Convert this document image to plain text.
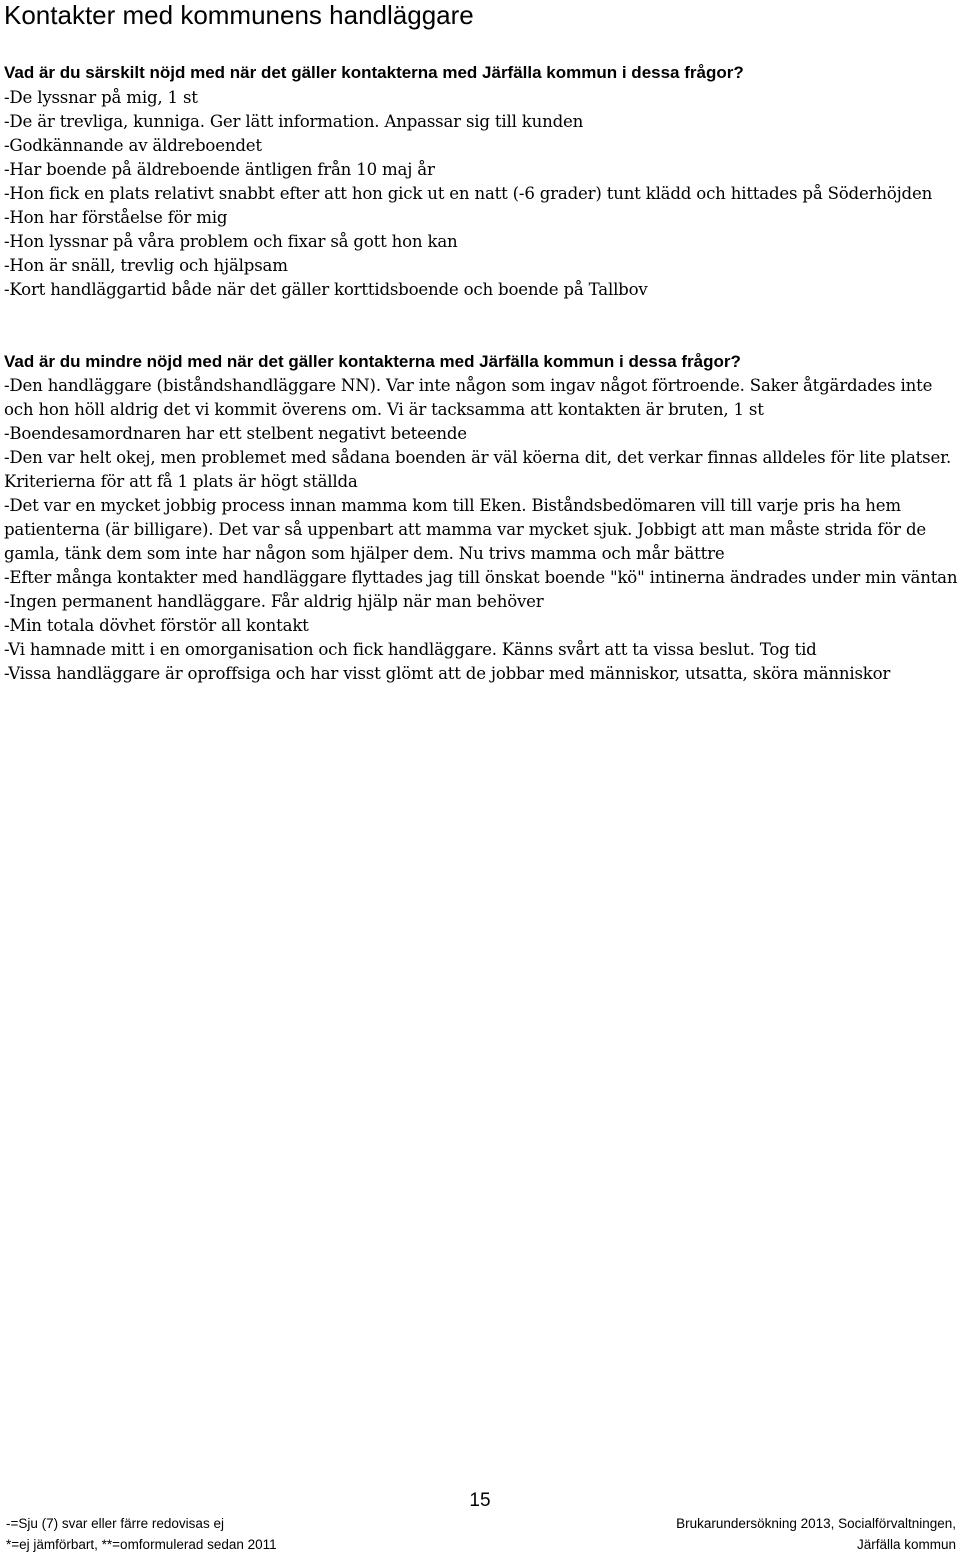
Kontakter med kommunens handläggare
Vad är du särskilt nöjd med när det gäller kontakterna med Järfälla kommun i dessa frågor?
-De lyssnar på mig, 1 st
-De är trevliga, kunniga. Ger lätt information. Anpassar sig till kunden
-Godkännande av äldreboendet
-Har boende på äldreboende äntligen från 10 maj år
-Hon fick en plats relativt snabbt efter att hon gick ut en natt (-6 grader) tunt klädd och hittades på Söderhöjden
-Hon har förståelse för mig
-Hon lyssnar på våra problem och fixar så gott hon kan
-Hon är snäll, trevlig och hjälpsam
-Kort handläggartid både när det gäller korttidsboende och boende på Tallbov
Vad är du mindre nöjd med när det gäller kontakterna med Järfälla kommun i dessa frågor?
-Den handläggare (biståndshandläggare NN). Var inte någon som ingav något förtroende. Saker åtgärdades inte och hon höll aldrig det vi kommit överens om. Vi är tacksamma att kontakten är bruten, 1 st
-Boendesamordnaren har ett stelbent negativt beteende
-Den var helt okej, men problemet med sådana boenden är väl köerna dit, det verkar finnas alldeles för lite platser. Kriterierna för att få 1 plats är högt ställda
-Det var en mycket jobbig process innan mamma kom till Eken. Biståndsbedömaren vill till varje pris ha hem patienterna (är billigare). Det var så uppenbart att mamma var mycket sjuk. Jobbigt att man måste strida för de gamla, tänk dem som inte har någon som hjälper dem. Nu trivs mamma och mår bättre
-Efter många kontakter med handläggare flyttades jag till önskat boende "kö" intinerna ändrades under min väntan
-Ingen permanent handläggare. Får aldrig hjälp när man behöver
-Min totala dövhet förstör all kontakt
-Vi hamnade mitt i en omorganisation och fick handläggare. Känns svårt att ta vissa beslut. Tog tid
-Vissa handläggare är oproffsiga och har visst glömt att de jobbar med människor, utsatta, sköra människor
15
-=Sju (7) svar eller färre redovisas ej
*=ej jämförbart, **=omformulerad sedan 2011
Brukarundersökning 2013, Socialförvaltningen,
Järfälla kommun
